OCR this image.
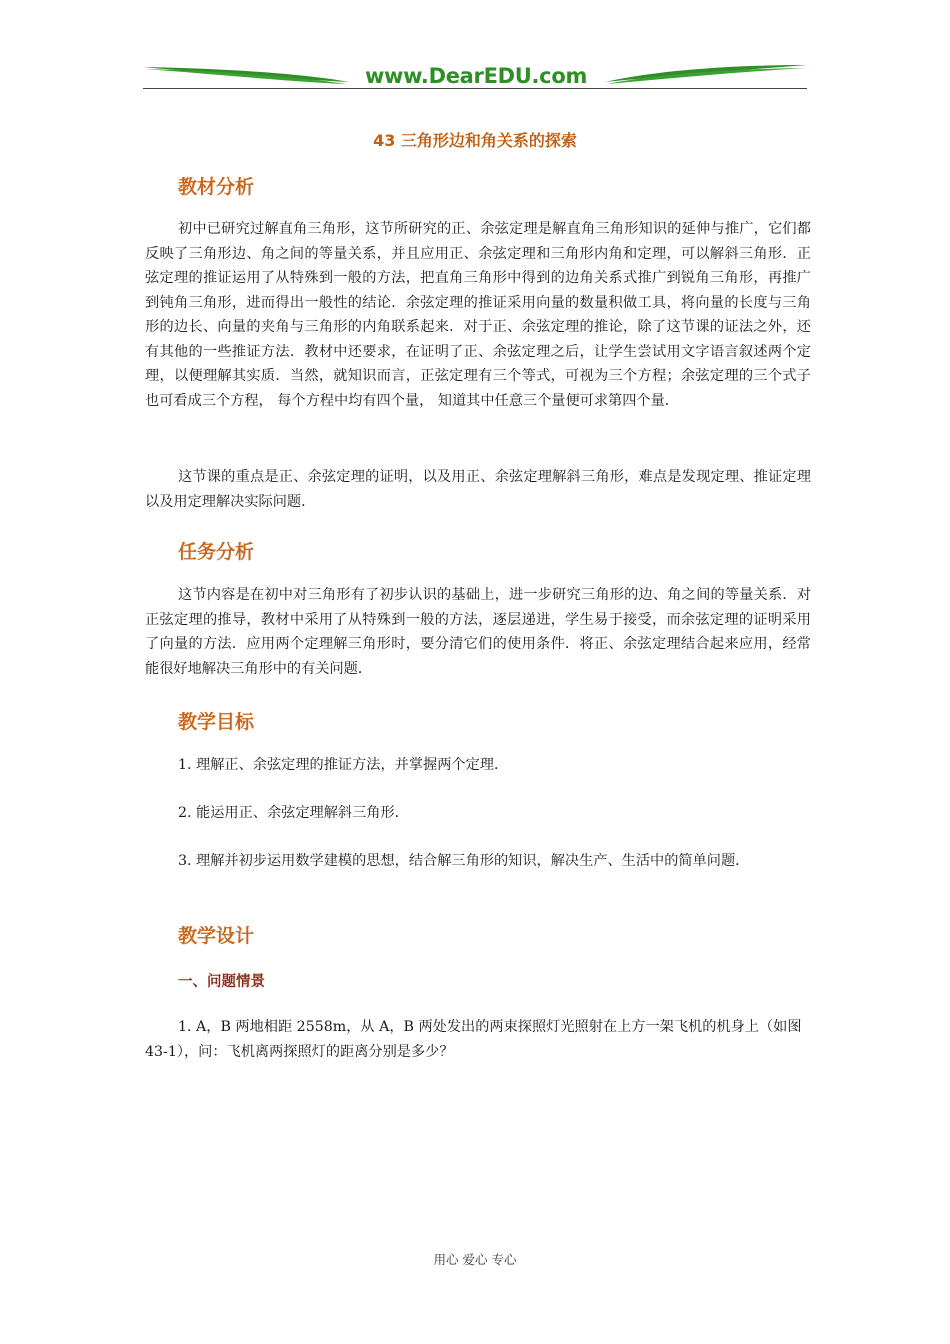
www.DearEDU.com
43 三角形边和角关系的探索
教材分析

初中已研究过解直角三角形，这节所研究的正、余弦定理是解直角三角形知识的延伸与推广，它们都反映了三角形边、角之间的等量关系，并且应用正、余弦定理和三角形内角和定理，可以解斜三角形．正弦定理的推证运用了从特殊到一般的方法，把直角三角形中得到的边角关系式推广到锐角三角形，再推广到钝角三角形，进而得出一般性的结论．余弦定理的推证采用向量的数量积做工具，将向量的长度与三角形的边长、向量的夹角与三角形的内角联系起来．对于正、余弦定理的推论，除了这节课的证法之外，还有其他的一些推证方法．教材中还要求，在证明了正、余弦定理之后，让学生尝试用文字语言叙述两个定理，以便理解其实质．当然，就知识而言，正弦定理有三个等式，可视为三个方程；余弦定理的三个式子也可看成三个方程， 每个方程中均有四个量， 知道其中任意三个量便可求第四个量．

这节课的重点是正、余弦定理的证明，以及用正、余弦定理解斜三角形，难点是发现定理、推证定理以及用定理解决实际问题．

任务分析

这节内容是在初中对三角形有了初步认识的基础上，进一步研究三角形的边、角之间的等量关系．对正弦定理的推导，教材中采用了从特殊到一般的方法，逐层递进，学生易于接受，而余弦定理的证明采用了向量的方法．应用两个定理解三角形时，要分清它们的使用条件．将正、余弦定理结合起来应用，经常能很好地解决三角形中的有关问题．

教学目标

1. 理解正、余弦定理的推证方法，并掌握两个定理．

2. 能运用正、余弦定理解斜三角形．

3. 理解并初步运用数学建模的思想，结合解三角形的知识，解决生产、生活中的简单问题．

教学设计
一、问题情景

1. A，B 两地相距 2558m，从 A，B 两处发出的两束探照灯光照射在上方一架飞机的机身上（如图 43-1），问：飞机离两探照灯的距离分别是多少？

用心 爱心 专心
